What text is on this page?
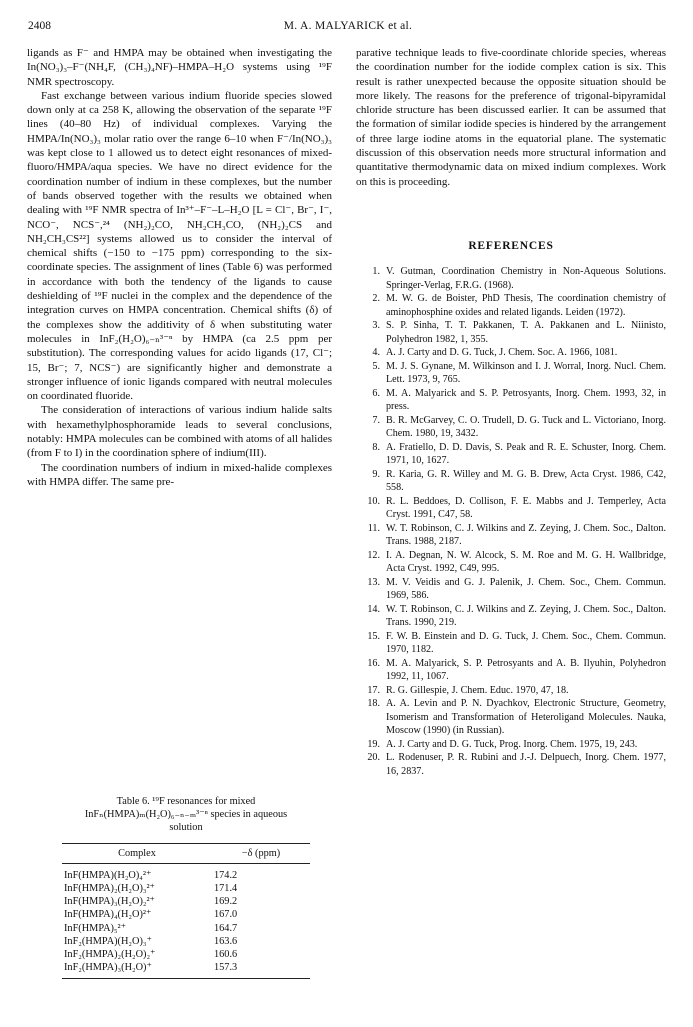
2408	M. A. MALYARICK et al.

ligands as F⁻ and HMPA may be obtained when investigating the In(NO₃)₃–F⁻(NH₄F, (CH₃)₄NF)–HMPA–H₂O systems using ¹⁹F NMR spectroscopy.

Fast exchange between various indium fluoride species slowed down only at ca 258 K, allowing the observation of the separate ¹⁹F lines (40–80 Hz) of individual complexes. Varying the HMPA/In(NO₃)₃ molar ratio over the range 6–10 when F⁻/In(NO₃)₃ was kept close to 1 allowed us to detect eight resonances of mixed-fluoro/HMPA/aqua species. We have no direct evidence for the coordination number of indium in these complexes, but the number of bands observed together with the results we obtained when dealing with ¹⁹F NMR spectra of In³⁺–F⁻–L–H₂O [L = Cl⁻, Br⁻, I⁻, NCO⁻, NCS⁻,²⁴ (NH₂)₂CO, NH₂CH₃CO, (NH₂)₂CS and NH₂CH₃CS²²] systems allowed us to consider the interval of chemical shifts (−150 to −175 ppm) corresponding to the six-coordinate species. The assignment of lines (Table 6) was performed in accordance with both the tendency of the ligands to cause deshielding of ¹⁹F nuclei in the complex and the dependence of the integration curves on HMPA concentration. Chemical shifts (δ) of the complexes show the additivity of δ when substituting water molecules in InF₂(H₂O)₆₋ₙ³⁻ⁿ by HMPA (ca 2.5 ppm per substitution). The corresponding values for acido ligands (17, Cl⁻; 15, Br⁻; 7, NCS⁻) are significantly higher and demonstrate a stronger influence of ionic ligands compared with neutral molecules on coordinated fluoride.

The consideration of interactions of various indium halide salts with hexamethylphosphoramide leads to several conclusions, notably: HMPA molecules can be combined with atoms of all halides (from F to I) in the coordination sphere of indium(III).

The coordination numbers of indium in mixed-halide complexes with HMPA differ. The same pre-

Table 6. ¹⁹F resonances for mixed InFₙ(HMPA)ₘ(H₂O)₆₋ₙ₋ₘ³⁻ⁿ species in aqueous solution
Complex	−δ (ppm)
InF(HMPA)(H₂O)₄²⁺	174.2
InF(HMPA)₂(H₂O)₃²⁺	171.4
InF(HMPA)₃(H₂O)₂²⁺	169.2
InF(HMPA)₄(H₂O)²⁺	167.0
InF(HMPA)₅²⁺	164.7
InF₂(HMPA)(H₂O)₃⁺	163.6
InF₂(HMPA)₂(H₂O)₂⁺	160.6
InF₂(HMPA)₃(H₂O)⁺	157.3

parative technique leads to five-coordinate chloride species, whereas the coordination number for the iodide complex cation is six. This result is rather unexpected because the opposite situation should be more likely. The reasons for the preference of trigonal-bipyramidal chloride structure has been discussed earlier. It can be assumed that the formation of similar iodide species is hindered by the arrangement of three large iodine atoms in the equatorial plane. The systematic discussion of this observation needs more structural information and quantitative thermodynamic data on mixed indium complexes. Work on this is proceeding.

REFERENCES
1. V. Gutman, Coordination Chemistry in Non-Aqueous Solutions. Springer-Verlag, F.R.G. (1968).
2. M. W. G. de Boister, PhD Thesis, The coordination chemistry of aminophosphine oxides and related ligands. Leiden (1972).
3. S. P. Sinha, T. T. Pakkanen, T. A. Pakkanen and L. Niinisto, Polyhedron 1982, 1, 355.
4. A. J. Carty and D. G. Tuck, J. Chem. Soc. A. 1966, 1081.
5. M. J. S. Gynane, M. Wilkinson and I. J. Worral, Inorg. Nucl. Chem. Lett. 1973, 9, 765.
6. M. A. Malyarick and S. P. Petrosyants, Inorg. Chem. 1993, 32, in press.
7. B. R. McGarvey, C. O. Trudell, D. G. Tuck and L. Victoriano, Inorg. Chem. 1980, 19, 3432.
8. A. Fratiello, D. D. Davis, S. Peak and R. E. Schuster, Inorg. Chem. 1971, 10, 1627.
9. R. Karia, G. R. Willey and M. G. B. Drew, Acta Cryst. 1986, C42, 558.
10. R. L. Beddoes, D. Collison, F. E. Mabbs and J. Temperley, Acta Cryst. 1991, C47, 58.
11. W. T. Robinson, C. J. Wilkins and Z. Zeying, J. Chem. Soc., Dalton. Trans. 1988, 2187.
12. I. A. Degnan, N. W. Alcock, S. M. Roe and M. G. H. Wallbridge, Acta Cryst. 1992, C49, 995.
13. M. V. Veidis and G. J. Palenik, J. Chem. Soc., Chem. Commun. 1969, 586.
14. W. T. Robinson, C. J. Wilkins and Z. Zeying, J. Chem. Soc., Dalton. Trans. 1990, 219.
15. F. W. B. Einstein and D. G. Tuck, J. Chem. Soc., Chem. Commun. 1970, 1182.
16. M. A. Malyarick, S. P. Petrosyants and A. B. Ilyuhin, Polyhedron 1992, 11, 1067.
17. R. G. Gillespie, J. Chem. Educ. 1970, 47, 18.
18. A. A. Levin and P. N. Dyachkov, Electronic Structure, Geometry, Isomerism and Transformation of Heteroligand Molecules. Nauka, Moscow (1990) (in Russian).
19. A. J. Carty and D. G. Tuck, Prog. Inorg. Chem. 1975, 19, 243.
20. L. Rodenuser, P. R. Rubini and J.-J. Delpuech, Inorg. Chem. 1977, 16, 2837.
